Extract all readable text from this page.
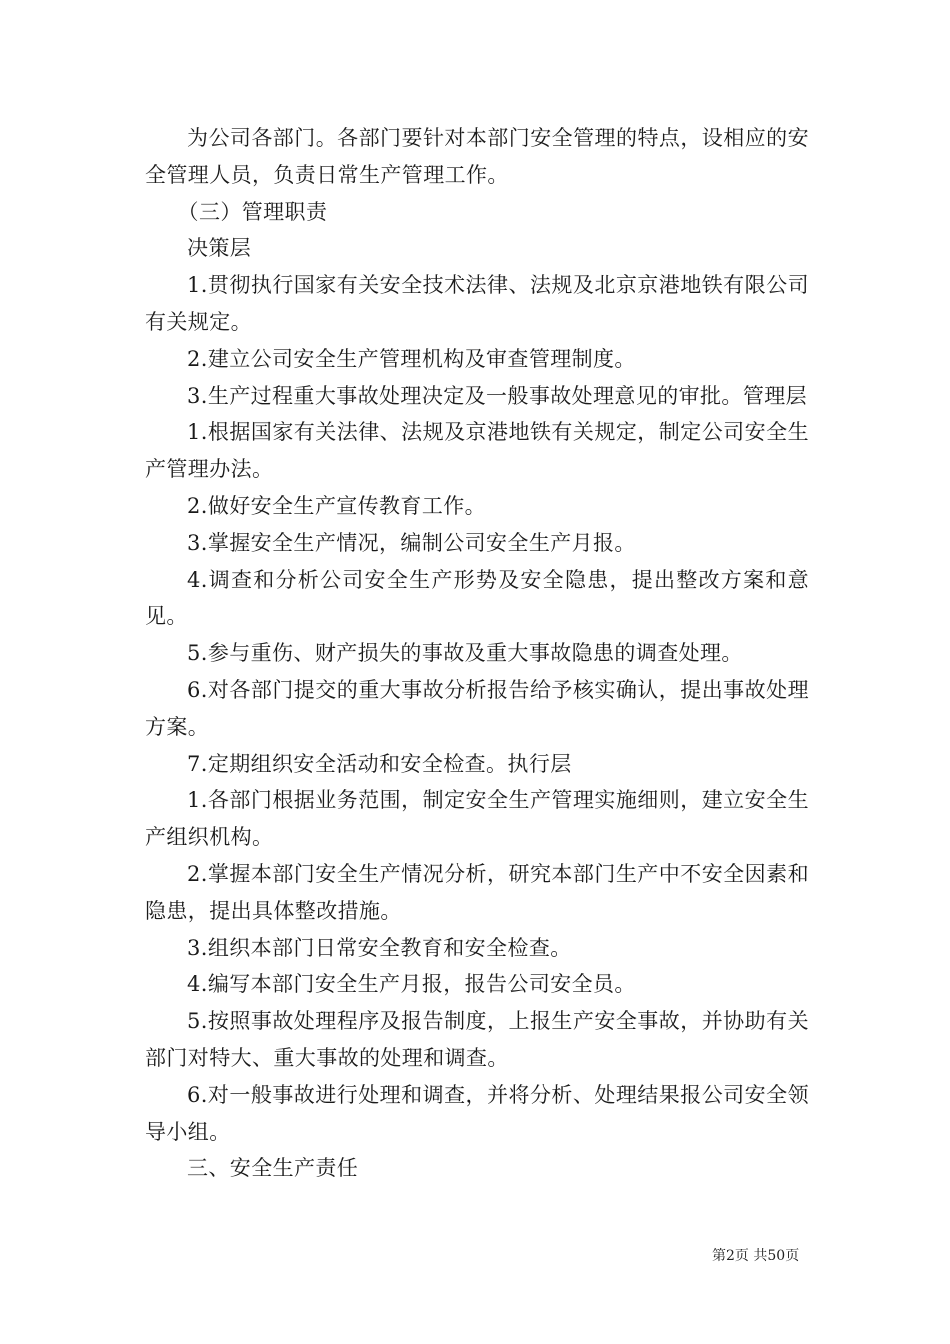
为公司各部门。各部门要针对本部门安全管理的特点，设相应的安全管理人员，负责日常生产管理工作。

（三）管理职责

决策层

1.贯彻执行国家有关安全技术法律、法规及北京京港地铁有限公司有关规定。

2.建立公司安全生产管理机构及审查管理制度。

3.生产过程重大事故处理决定及一般事故处理意见的审批。管理层

1.根据国家有关法律、法规及京港地铁有关规定，制定公司安全生产管理办法。

2.做好安全生产宣传教育工作。

3.掌握安全生产情况，编制公司安全生产月报。

4.调查和分析公司安全生产形势及安全隐患，提出整改方案和意见。

5.参与重伤、财产损失的事故及重大事故隐患的调查处理。

6.对各部门提交的重大事故分析报告给予核实确认，提出事故处理方案。

7.定期组织安全活动和安全检查。执行层

1.各部门根据业务范围，制定安全生产管理实施细则，建立安全生产组织机构。

2.掌握本部门安全生产情况分析，研究本部门生产中不安全因素和隐患，提出具体整改措施。

3.组织本部门日常安全教育和安全检查。

4.编写本部门安全生产月报，报告公司安全员。

5.按照事故处理程序及报告制度，上报生产安全事故，并协助有关部门对特大、重大事故的处理和调查。

6.对一般事故进行处理和调查，并将分析、处理结果报公司安全领导小组。

三、安全生产责任

第2页 共50页
